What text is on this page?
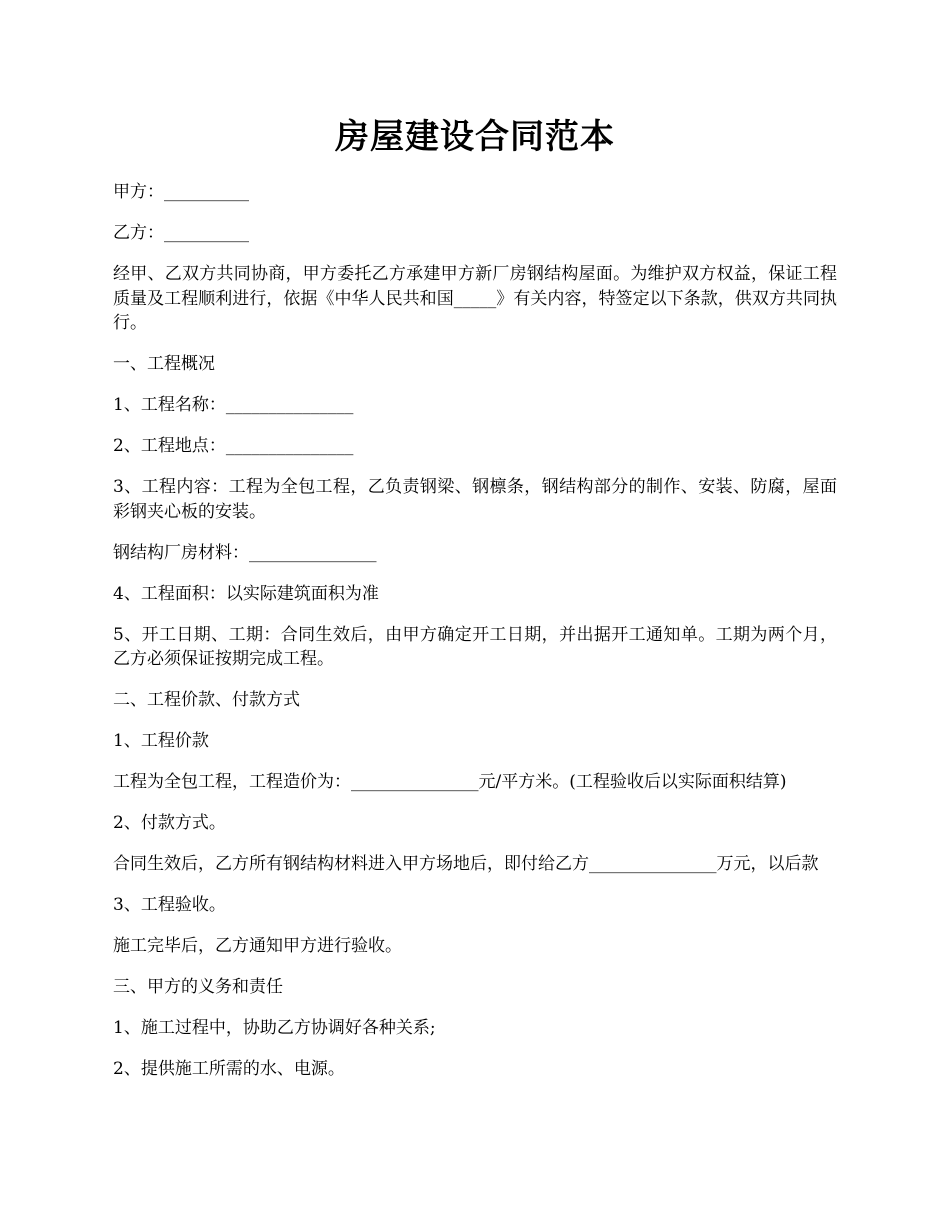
房屋建设合同范本

甲方：__________

乙方：__________

经甲、乙双方共同协商，甲方委托乙方承建甲方新厂房钢结构屋面。为维护双方权益，保证工程质量及工程顺利进行，依据《中华人民共和国_____》有关内容，特签定以下条款，供双方共同执行。

一、工程概况

1、工程名称：_______________

2、工程地点：_______________

3、工程内容：工程为全包工程，乙负责钢梁、钢檩条，钢结构部分的制作、安装、防腐，屋面彩钢夹心板的安装。

钢结构厂房材料：_______________

4、工程面积：以实际建筑面积为准

5、开工日期、工期：合同生效后，由甲方确定开工日期，并出据开工通知单。工期为两个月，乙方必须保证按期完成工程。

二、工程价款、付款方式

1、工程价款

工程为全包工程，工程造价为：_______________元/平方米。(工程验收后以实际面积结算)

2、付款方式。

合同生效后，乙方所有钢结构材料进入甲方场地后，即付给乙方_______________万元，以后款

3、工程验收。

施工完毕后，乙方通知甲方进行验收。

三、甲方的义务和责任

1、施工过程中，协助乙方协调好各种关系;

2、提供施工所需的水、电源。
